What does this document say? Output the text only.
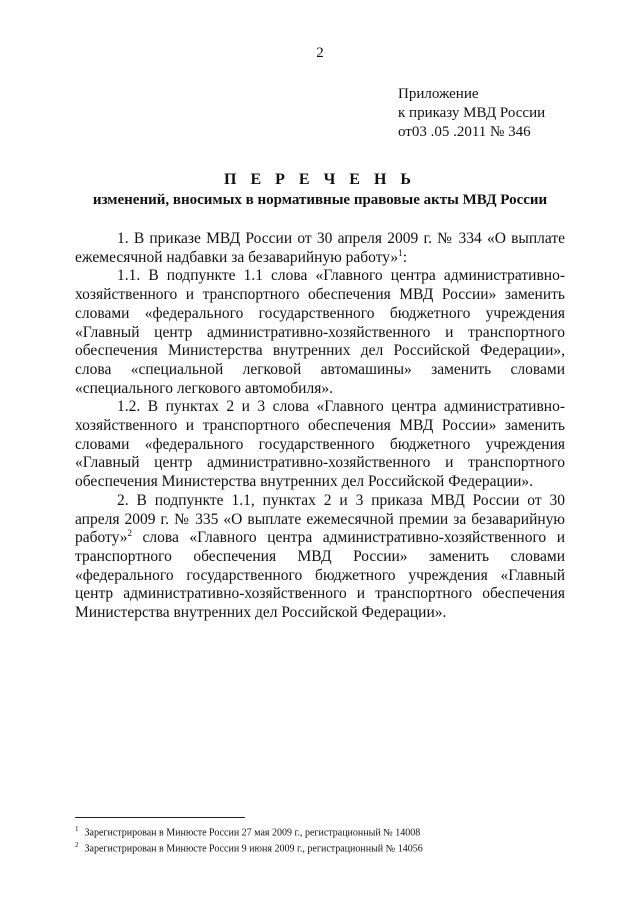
2
Приложение
к приказу МВД России
от03 .05 .2011 № 346
П Е Р Е Ч Е Н Ь
изменений, вносимых в нормативные правовые акты МВД России

1. В приказе МВД России от 30 апреля 2009 г. № 334 «О выплате ежемесячной надбавки за безаварийную работу»$^1$:

1.1. В подпункте 1.1 слова «Главного центра административно-хозяйственного и транспортного обеспечения МВД России» заменить словами «федерального государственного бюджетного учреждения «Главный центр административно-хозяйственного и транспортного обеспечения Министерства внутренних дел Российской Федерации», слова «специальной легковой автомашины» заменить словами «специального легкового автомобиля».

1.2. В пунктах 2 и 3 слова «Главного центра административно-хозяйственного и транспортного обеспечения МВД России» заменить словами «федерального государственного бюджетного учреждения «Главный центр административно-хозяйственного и транспортного обеспечения Министерства внутренних дел Российской Федерации».

2. В подпункте 1.1, пунктах 2 и 3 приказа МВД России от 30 апреля 2009 г. № 335 «О выплате ежемесячной премии за безаварийную работу»$^2$ слова «Главного центра административно-хозяйственного и транспортного обеспечения МВД России» заменить словами «федерального государственного бюджетного учреждения «Главный центр административно-хозяйственного и транспортного обеспечения Министерства внутренних дел Российской Федерации».

$^1$ Зарегистрирован в Минюсте России 27 мая 2009 г., регистрационный № 14008
$^2$ Зарегистрирован в Минюсте России 9 июня 2009 г., регистрационный № 14056
